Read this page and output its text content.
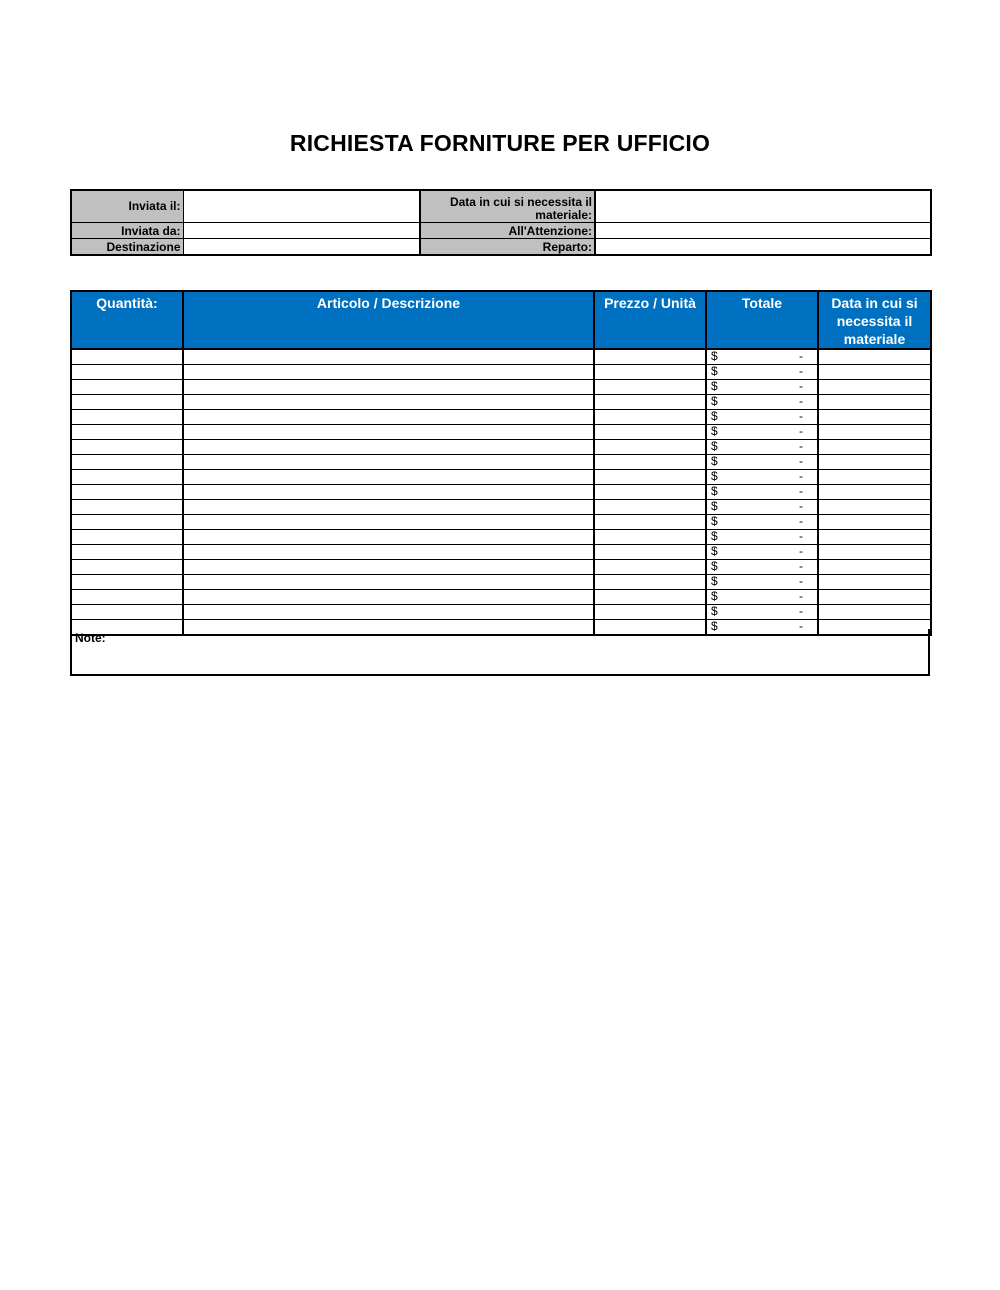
RICHIESTA FORNITURE PER UFFICIO
Inviata il:		Data in cui si necessita il materiale:	
Inviata da:		All'Attenzione:	
Destinazione		Reparto:	
Quantità:	Articolo / Descrizione	Prezzo / Unità	Totale	Data in cui si necessita il materiale

			$ -	

			$ -	

			$ -	

			$ -	

			$ -	

			$ -	

			$ -	

			$ -	

			$ -	

			$ -	

			$ -	

			$ -	

			$ -	

			$ -	

			$ -	

			$ -	

			$ -	

			$ -	

			$ -	

Note:
